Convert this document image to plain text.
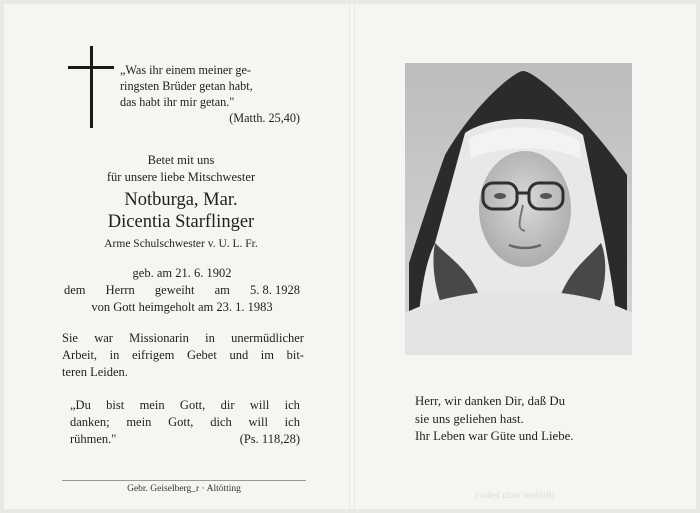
„Was ihr einem meiner ge-
ringsten Brüder getan habt,
das habt ihr mir getan."
(Matth. 25,40)
Betet mit uns
für unsere liebe Mitschwester
Notburga, Mar.
Dicentia Starflinger
Arme Schulschwester v. U. L. Fr.
geb. am 21. 6. 1902
dem Herrn geweiht am 5. 8. 1928
von Gott heimgeholt am 23. 1. 1983
Sie war Missionarin in unermüdlicher
Arbeit, in eifrigem Gebet und im bit-
teren Leiden.
„Du bist mein Gott, dir will ich
danken; mein Gott, dich will ich
rühmen."	(Ps. 118,28)
Gebr. Geiselberg_r · Altötting
Herr, wir danken Dir, daß Du
sie uns geliehen hast.
Ihr Leben war Güte und Liebe.
(Bildtext nicht lesbar)
